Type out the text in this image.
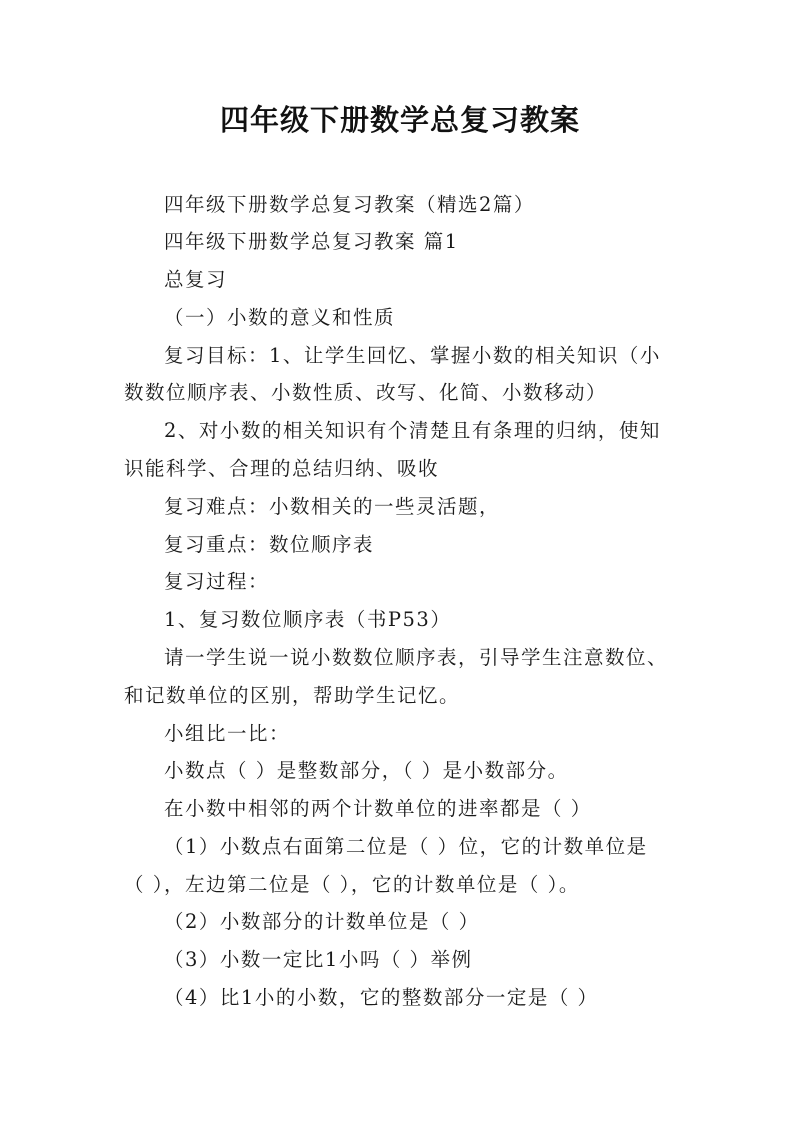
四年级下册数学总复习教案
四年级下册数学总复习教案（精选2篇）
四年级下册数学总复习教案 篇1
总复习
（一）小数的意义和性质
复习目标：1、让学生回忆、掌握小数的相关知识（小
数数位顺序表、小数性质、改写、化简、小数移动）
2、对小数的相关知识有个清楚且有条理的归纳，使知
识能科学、合理的总结归纳、吸收
复习难点：小数相关的一些灵活题，
复习重点：数位顺序表
复习过程：
1、复习数位顺序表（书P53）
请一学生说一说小数数位顺序表，引导学生注意数位、
和记数单位的区别，帮助学生记忆。
小组比一比：
小数点（ ）是整数部分，（ ）是小数部分。
在小数中相邻的两个计数单位的进率都是（ ）
（1）小数点右面第二位是（ ）位，它的计数单位是
（ ），左边第二位是（ ），它的计数单位是（ ）。
（2）小数部分的计数单位是（ ）
（3）小数一定比1小吗（ ）举例
（4）比1小的小数，它的整数部分一定是（ ）
